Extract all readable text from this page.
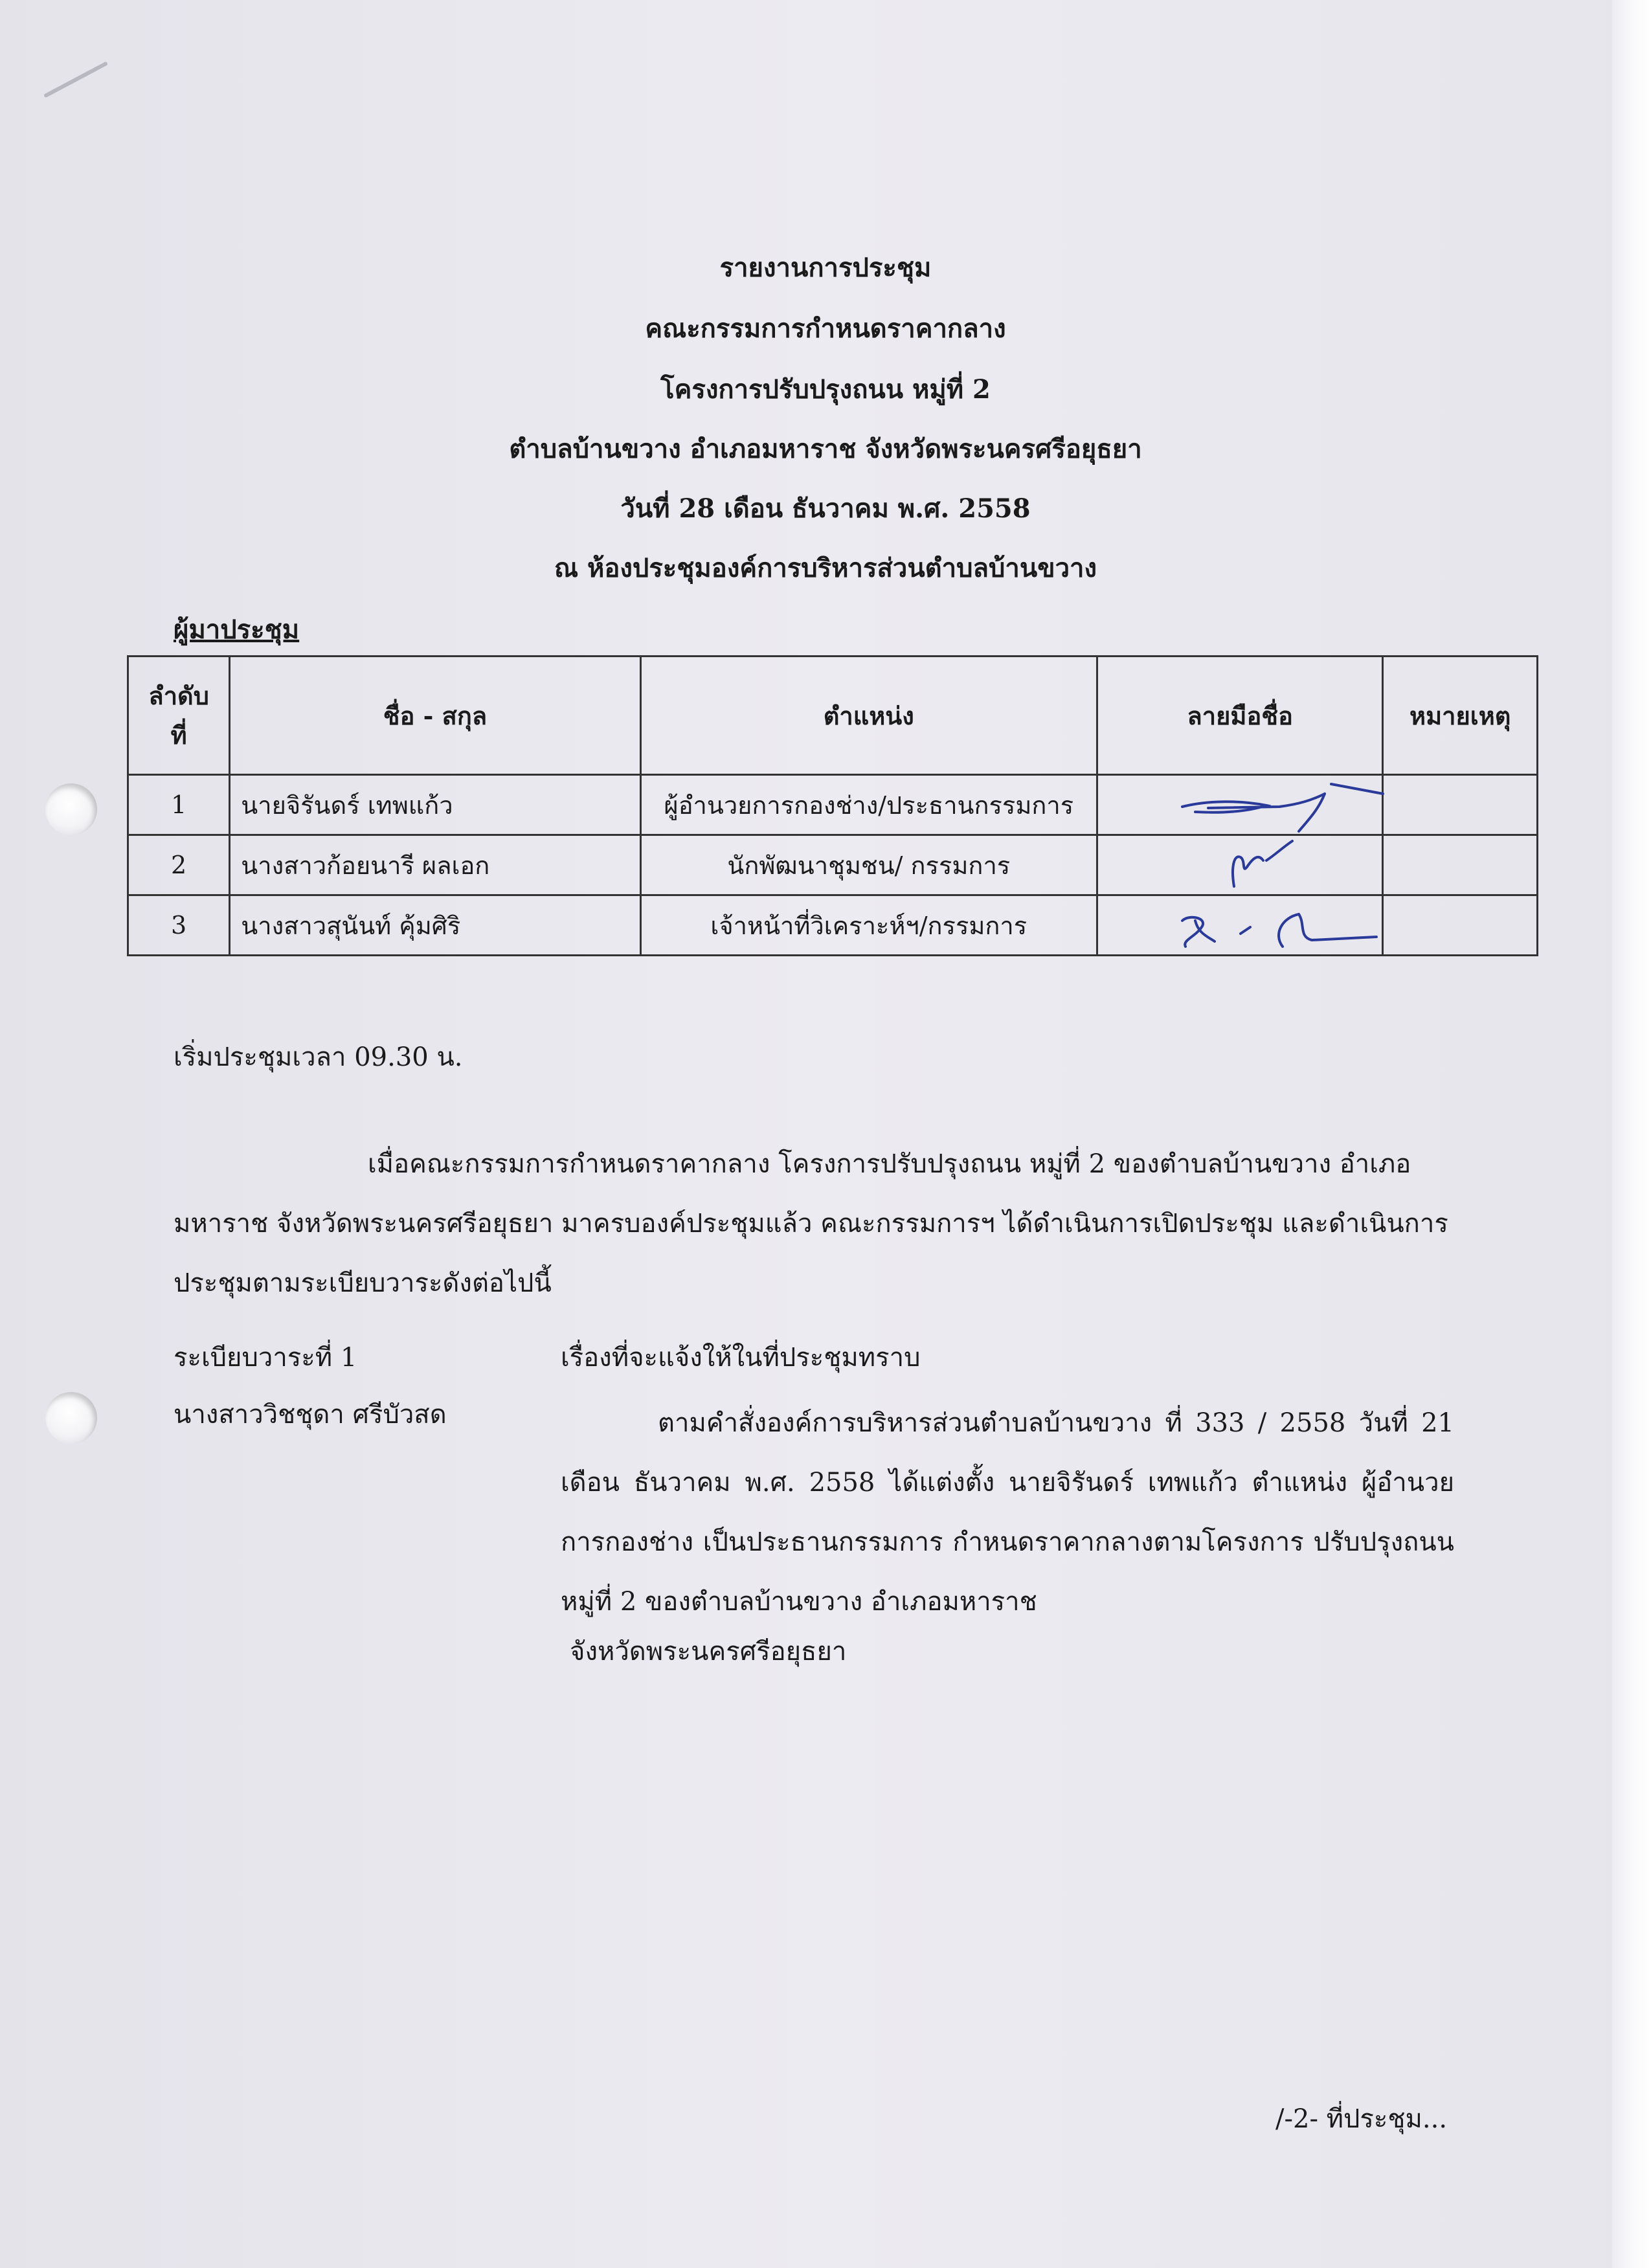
รายงานการประชุม
คณะกรรมการกำหนดราคากลาง
โครงการปรับปรุงถนน หมู่ที่ 2
ตำบลบ้านขวาง อำเภอมหาราช จังหวัดพระนครศรีอยุธยา
วันที่ 28 เดือน ธันวาคม พ.ศ. 2558
ณ ห้องประชุมองค์การบริหารส่วนตำบลบ้านขวาง
ผู้มาประชุม
ลำดับ ที่	ชื่อ - สกุล	ตำแหน่ง	ลายมือชื่อ	หมายเหตุ
1	นายจิรันดร์ เทพแก้ว	ผู้อำนวยการกองช่าง/ประธานกรรมการ	

2	นางสาวก้อยนารี ผลเอก	นักพัฒนาชุมชน/ กรรมการ	

3	นางสาวสุนันท์ คุ้มศิริ	เจ้าหน้าที่วิเคราะห์ฯ/กรรมการ	

เริ่มประชุมเวลา 09.30 น.
เมื่อคณะกรรมการกำหนดราคากลาง โครงการปรับปรุงถนน หมู่ที่ 2 ของตำบลบ้านขวาง อำเภอมหาราช จังหวัดพระนครศรีอยุธยา มาครบองค์ประชุมแล้ว คณะกรรมการฯ ได้ดำเนินการเปิดประชุม และดำเนินการประชุมตามระเบียบวาระดังต่อไปนี้
ระเบียบวาระที่ 1	เรื่องที่จะแจ้งให้ในที่ประชุมทราบ
นางสาววิชชุดา ศรีบัวสด	ตามคำสั่งองค์การบริหารส่วนตำบลบ้านขวาง ที่ 333 / 2558 วันที่ 21 เดือน ธันวาคม พ.ศ. 2558 ได้แต่งตั้ง นายจิรันดร์ เทพแก้ว ตำแหน่ง ผู้อำนวยการกองช่าง เป็นประธานกรรมการ กำหนดราคากลางตามโครงการ ปรับปรุงถนน หมู่ที่ 2 ของตำบลบ้านขวาง อำเภอมหาราช
จังหวัดพระนครศรีอยุธยา
/-2- ที่ประชุม...
